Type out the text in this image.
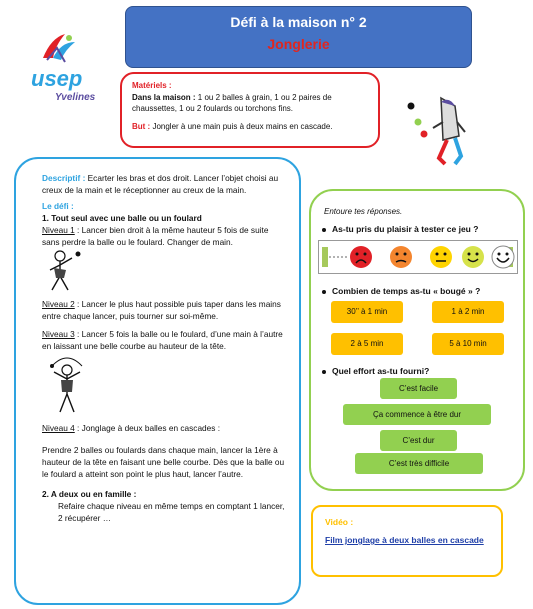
Défi à la maison n° 2
Jonglerie
usep
Yvelines
Matériels :
Dans la maison : 1 ou 2 balles à grain, 1 ou 2 paires de chaussettes, 1 ou 2 foulards ou torchons fins.
But : Jongler à une main puis à deux mains en cascade.

Descriptif : Ecarter les bras et dos droit. Lancer l’objet choisi au creux de la main et le réceptionner au creux de la main.

Le défi :

1. Tout seul avec une balle ou un foulard

Niveau 1 : Lancer bien droit à la même hauteur 5 fois de suite sans perdre la balle ou le foulard. Changer de main.

Niveau 2 : Lancer le plus haut possible puis taper dans les mains entre chaque lancer, puis tourner sur soi-même.

Niveau 3 : Lancer 5 fois la balle ou le foulard, d’une main à l’autre en laissant une belle courbe au hauteur de la tête.

Niveau 4 : Jonglage à deux balles en cascades :

Prendre 2 balles ou foulards dans chaque main, lancer la 1ère à hauteur de la tête en faisant une belle courbe. Dès que la balle ou le foulard a atteint son point le plus haut, lancer l’autre.

2. A deux ou en famille :

Refaire chaque niveau en même temps en comptant 1 lancer, 2 récupérer …

Entoure tes réponses.
As-tu pris du plaisir à tester ce jeu ?
Combien de temps as-tu « bougé » ?
30’’ à 1 min	1 à 2 min
2 à 5 min	5 à 10 min
Quel effort as-tu fourni?
C’est facile
Ça commence à être dur
C’est dur
C’est très difficile
Vidéo :
Film jonglage à deux balles en cascade
